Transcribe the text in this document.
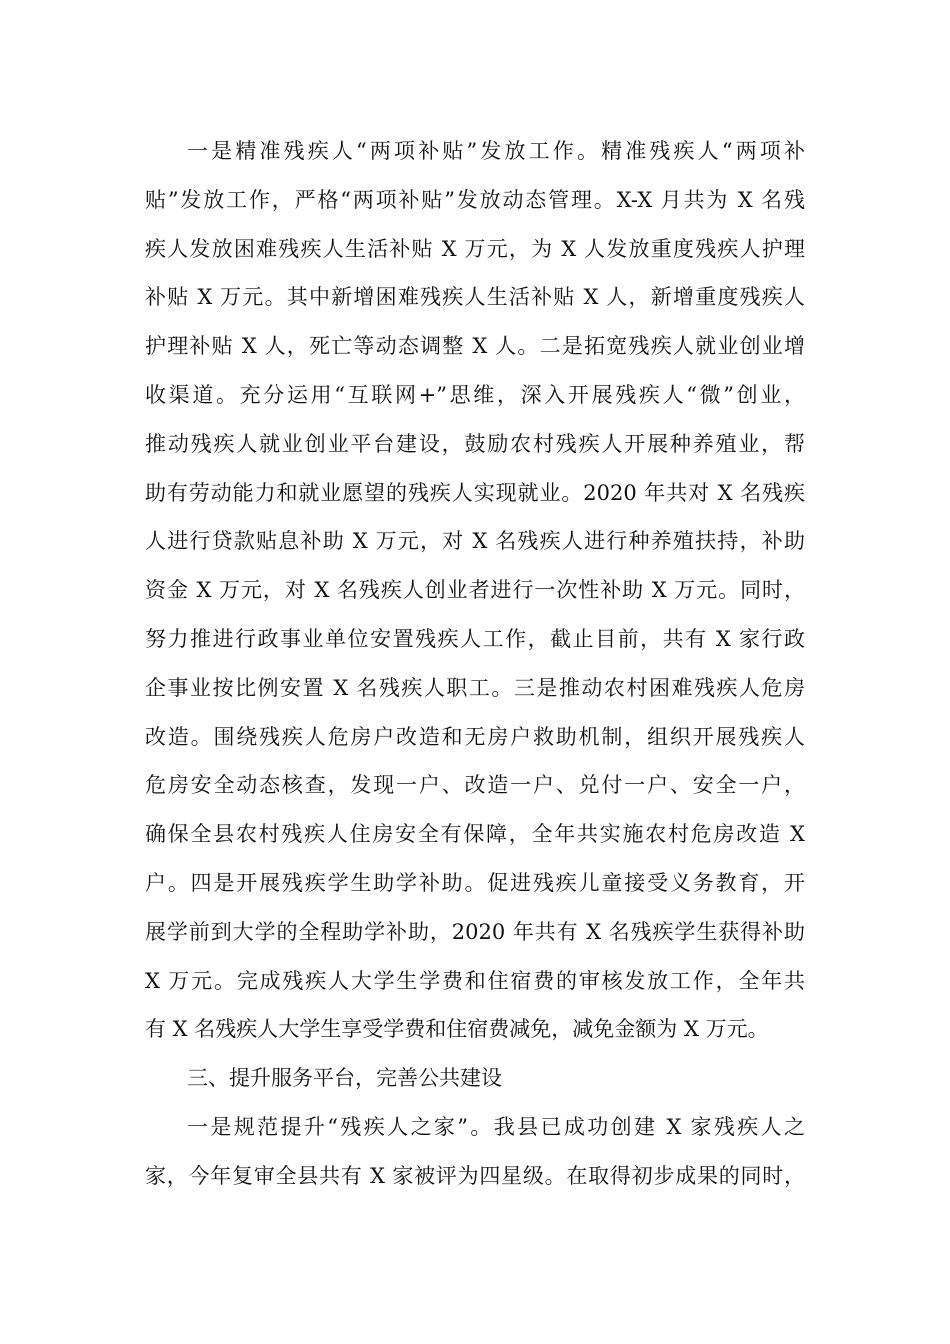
一是精准残疾人“两项补贴”发放工作。精准残疾人“两项补
贴”发放工作，严格“两项补贴”发放动态管理。X-X 月共为 X 名残
疾人发放困难残疾人生活补贴 X 万元，为 X 人发放重度残疾人护理
补贴 X 万元。其中新增困难残疾人生活补贴 X 人，新增重度残疾人
护理补贴 X 人，死亡等动态调整 X 人。二是拓宽残疾人就业创业增
收渠道。充分运用“互联网+”思维，深入开展残疾人“微”创业，
推动残疾人就业创业平台建设，鼓励农村残疾人开展种养殖业，帮
助有劳动能力和就业愿望的残疾人实现就业。2020 年共对 X 名残疾
人进行贷款贴息补助 X 万元，对 X 名残疾人进行种养殖扶持，补助
资金 X 万元，对 X 名残疾人创业者进行一次性补助 X 万元。同时，
努力推进行政事业单位安置残疾人工作，截止目前，共有 X 家行政
企事业按比例安置 X 名残疾人职工。三是推动农村困难残疾人危房
改造。围绕残疾人危房户改造和无房户救助机制，组织开展残疾人
危房安全动态核查，发现一户、改造一户、兑付一户、安全一户，
确保全县农村残疾人住房安全有保障，全年共实施农村危房改造 X
户。四是开展残疾学生助学补助。促进残疾儿童接受义务教育，开
展学前到大学的全程助学补助，2020 年共有 X 名残疾学生获得补助
X 万元。完成残疾人大学生学费和住宿费的审核发放工作，全年共
有 X 名残疾人大学生享受学费和住宿费减免，减免金额为 X 万元。
三、提升服务平台，完善公共建设
一是规范提升“残疾人之家”。我县已成功创建 X 家残疾人之
家，今年复审全县共有 X 家被评为四星级。在取得初步成果的同时，
